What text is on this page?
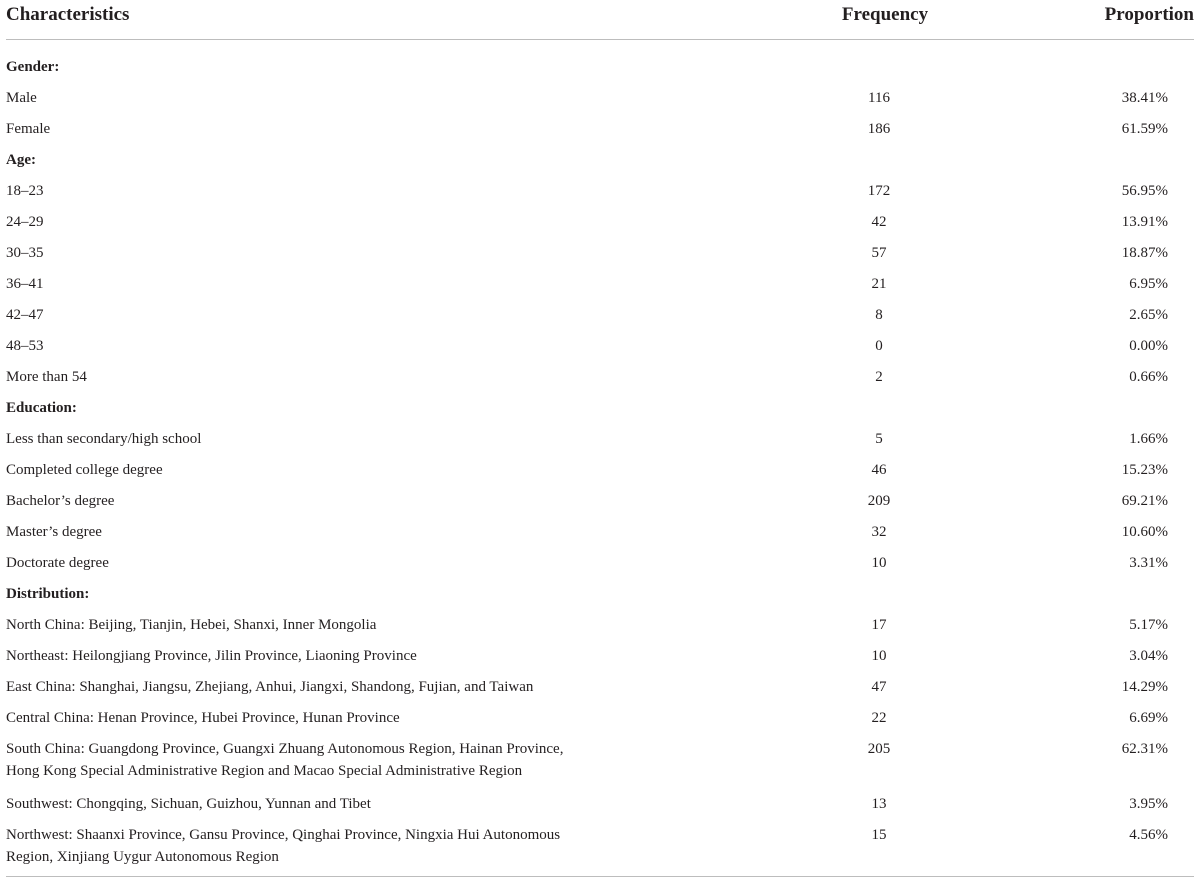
Characteristics	Frequency	Proportion
Gender:		
Male	116	38.41%
Female	186	61.59%
Age:		
18–23	172	56.95%
24–29	42	13.91%
30–35	57	18.87%
36–41	21	6.95%
42–47	8	2.65%
48–53	0	0.00%
More than 54	2	0.66%
Education:		
Less than secondary/high school	5	1.66%
Completed college degree	46	15.23%
Bachelor’s degree	209	69.21%
Master’s degree	32	10.60%
Doctorate degree	10	3.31%
Distribution:		
North China: Beijing, Tianjin, Hebei, Shanxi, Inner Mongolia	17	5.17%
Northeast: Heilongjiang Province, Jilin Province, Liaoning Province	10	3.04%
East China: Shanghai, Jiangsu, Zhejiang, Anhui, Jiangxi, Shandong, Fujian, and Taiwan	47	14.29%
Central China: Henan Province, Hubei Province, Hunan Province	22	6.69%

South China: Guangdong Province, Guangxi Zhuang Autonomous Region, Hainan Province,
Hong Kong Special Administrative Region and Macao Special Administrative Region	205	62.31%
Southwest: Chongqing, Sichuan, Guizhou, Yunnan and Tibet	13	3.95%

Northwest: Shaanxi Province, Gansu Province, Qinghai Province, Ningxia Hui Autonomous
Region, Xinjiang Uygur Autonomous Region	15	4.56%
